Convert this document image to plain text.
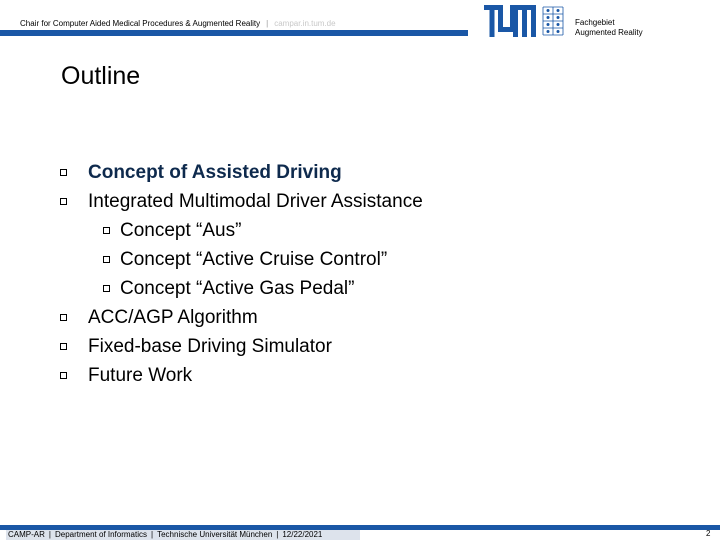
Chair for Computer Aided Medical Procedures & Augmented Reality | campar.in.tum.de	Fachgebiet
Augmented Reality
Outline
Concept of Assisted Driving
Integrated Multimodal Driver Assistance
Concept “Aus”
Concept “Active Cruise Control”
Concept “Active Gas Pedal”
ACC/AGP Algorithm
Fixed-base Driving Simulator
Future Work
CAMP-AR | Department of Informatics | Technische Universität München | 12/22/2021	2
